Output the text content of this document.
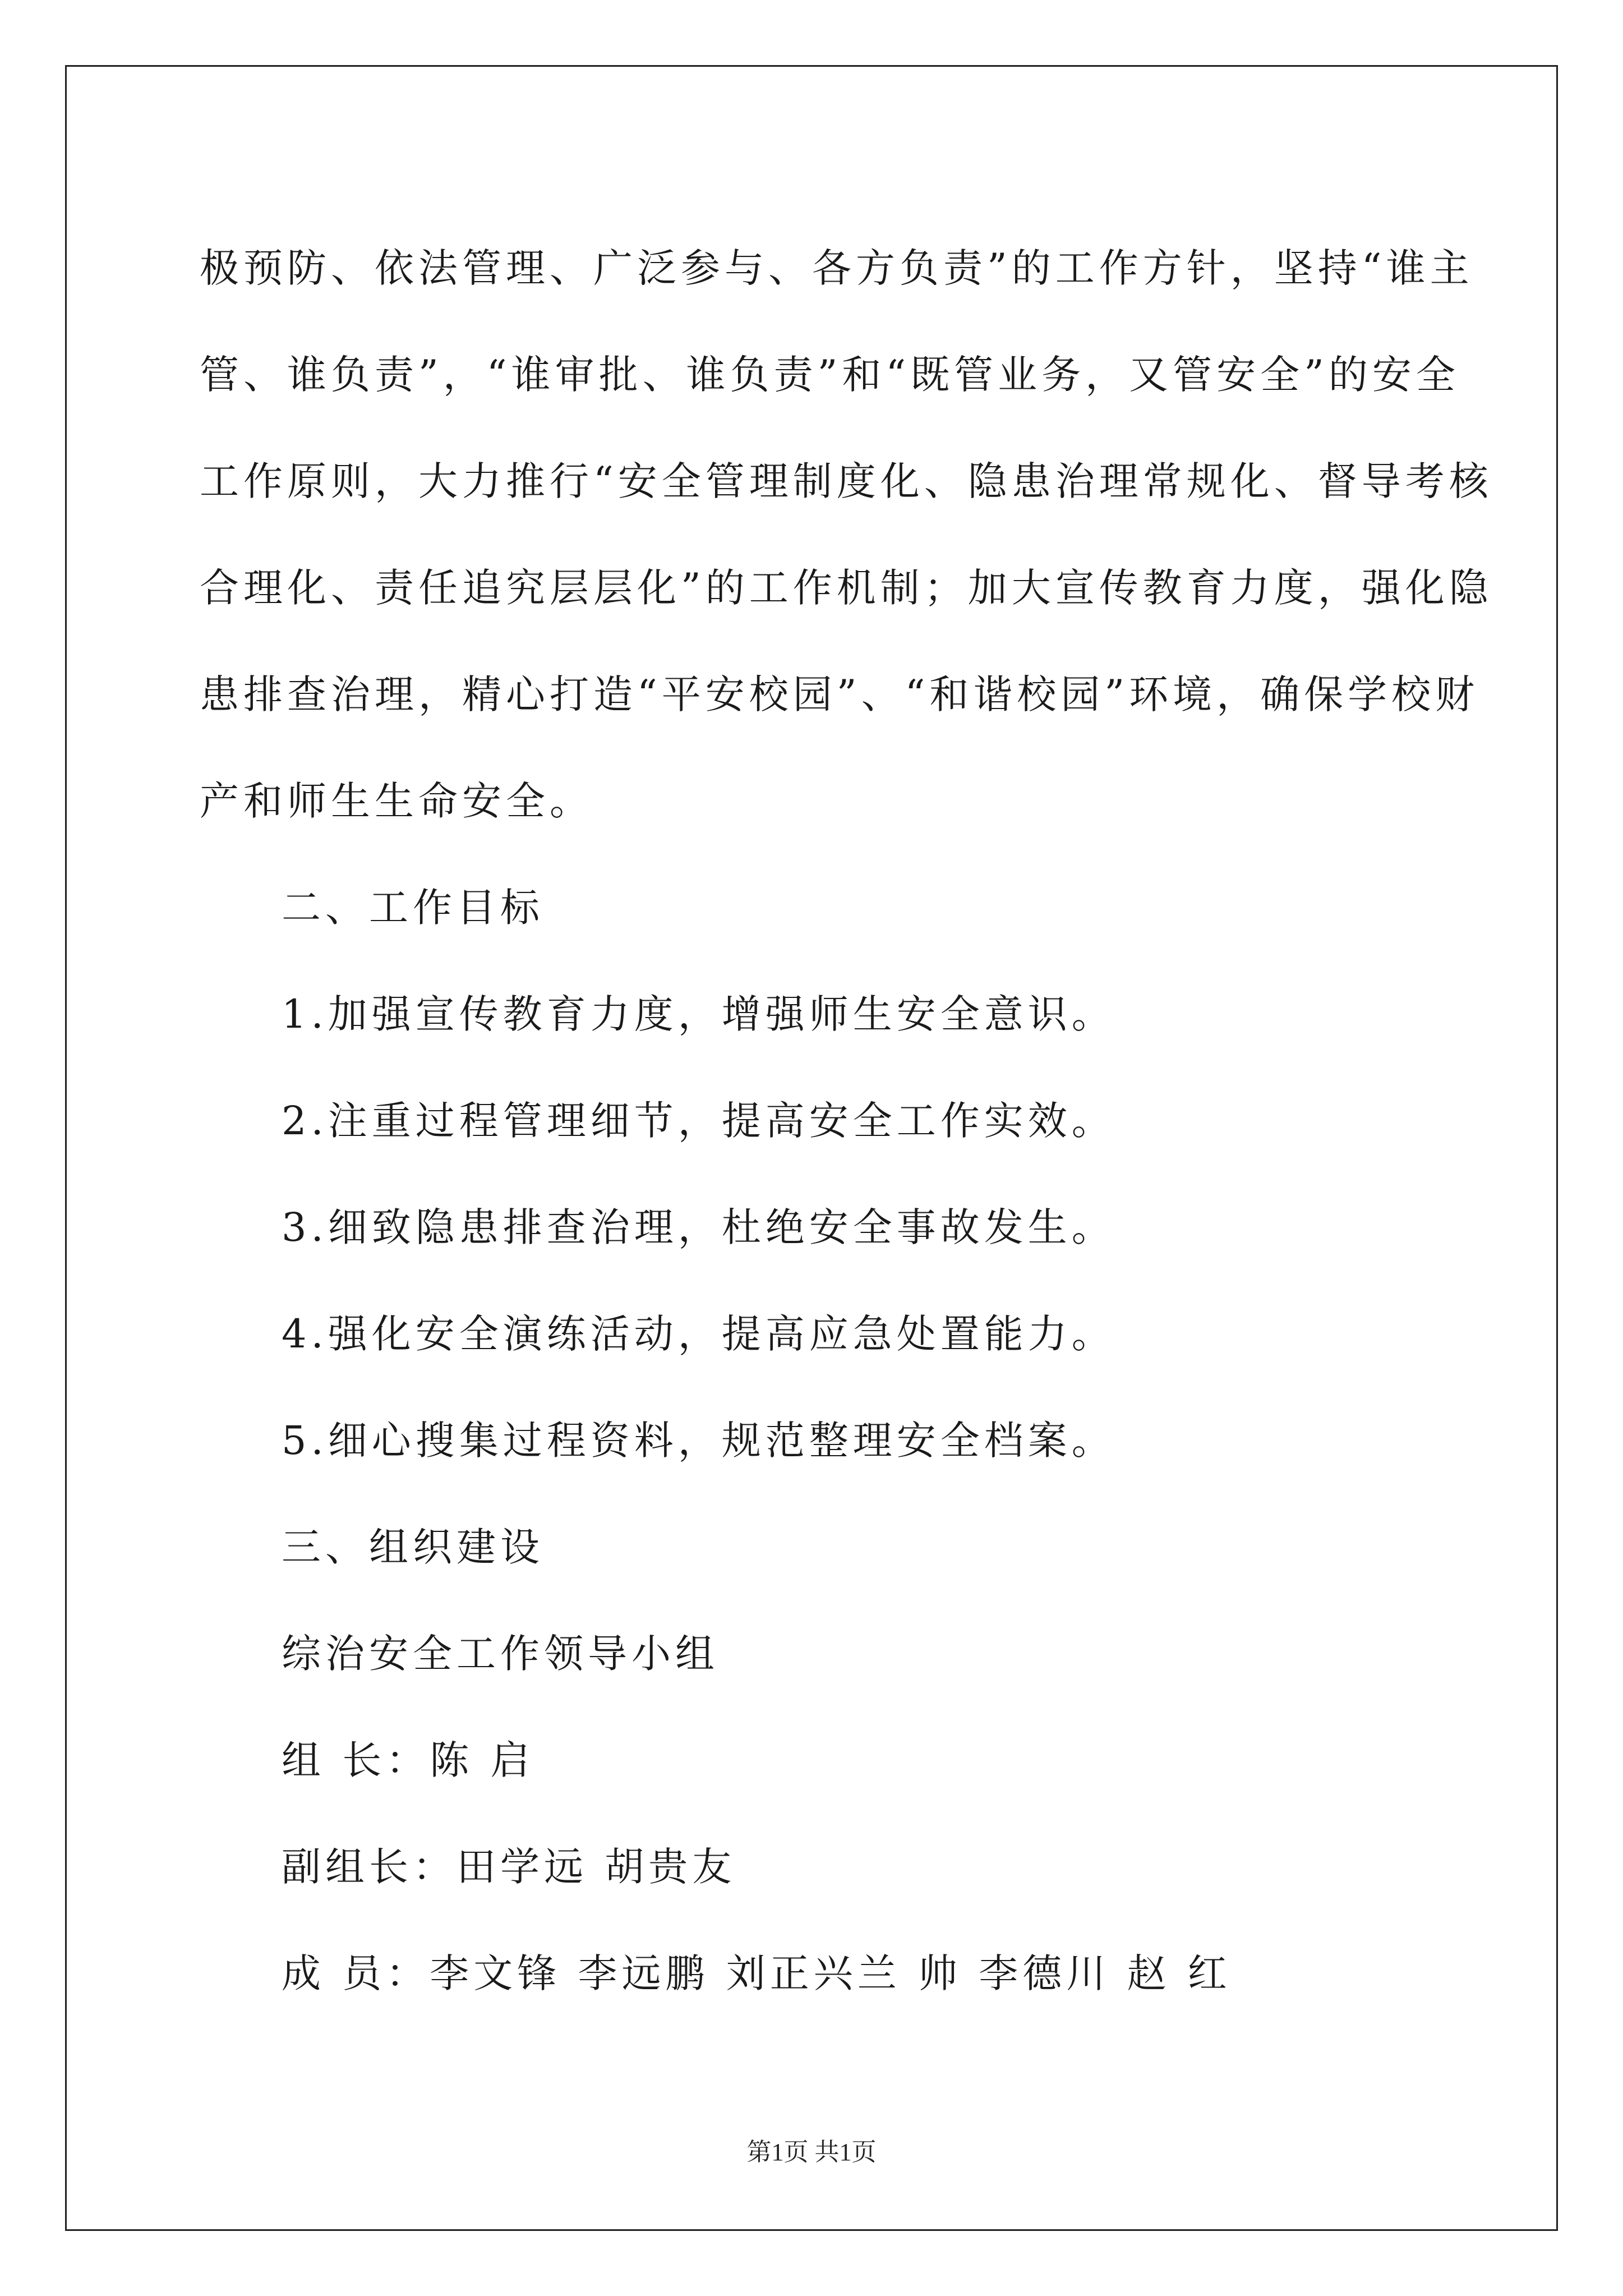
极预防、依法管理、广泛参与、各方负责”的工作方针，坚持“谁主
管、谁负责”，“谁审批、谁负责”和“既管业务，又管安全”的安全
工作原则，大力推行“安全管理制度化、隐患治理常规化、督导考核
合理化、责任追究层层化”的工作机制；加大宣传教育力度，强化隐
患排查治理，精心打造“平安校园”、“和谐校园”环境，确保学校财
产和师生生命安全。
二、工作目标
1.加强宣传教育力度，增强师生安全意识。
2.注重过程管理细节，提高安全工作实效。
3.细致隐患排查治理，杜绝安全事故发生。
4.强化安全演练活动，提高应急处置能力。
5.细心搜集过程资料，规范整理安全档案。
三、组织建设
综治安全工作领导小组
组 长：陈 启
副组长：田学远 胡贵友
成 员：李文锋 李远鹏 刘正兴兰 帅 李德川 赵 红
第1页 共1页
